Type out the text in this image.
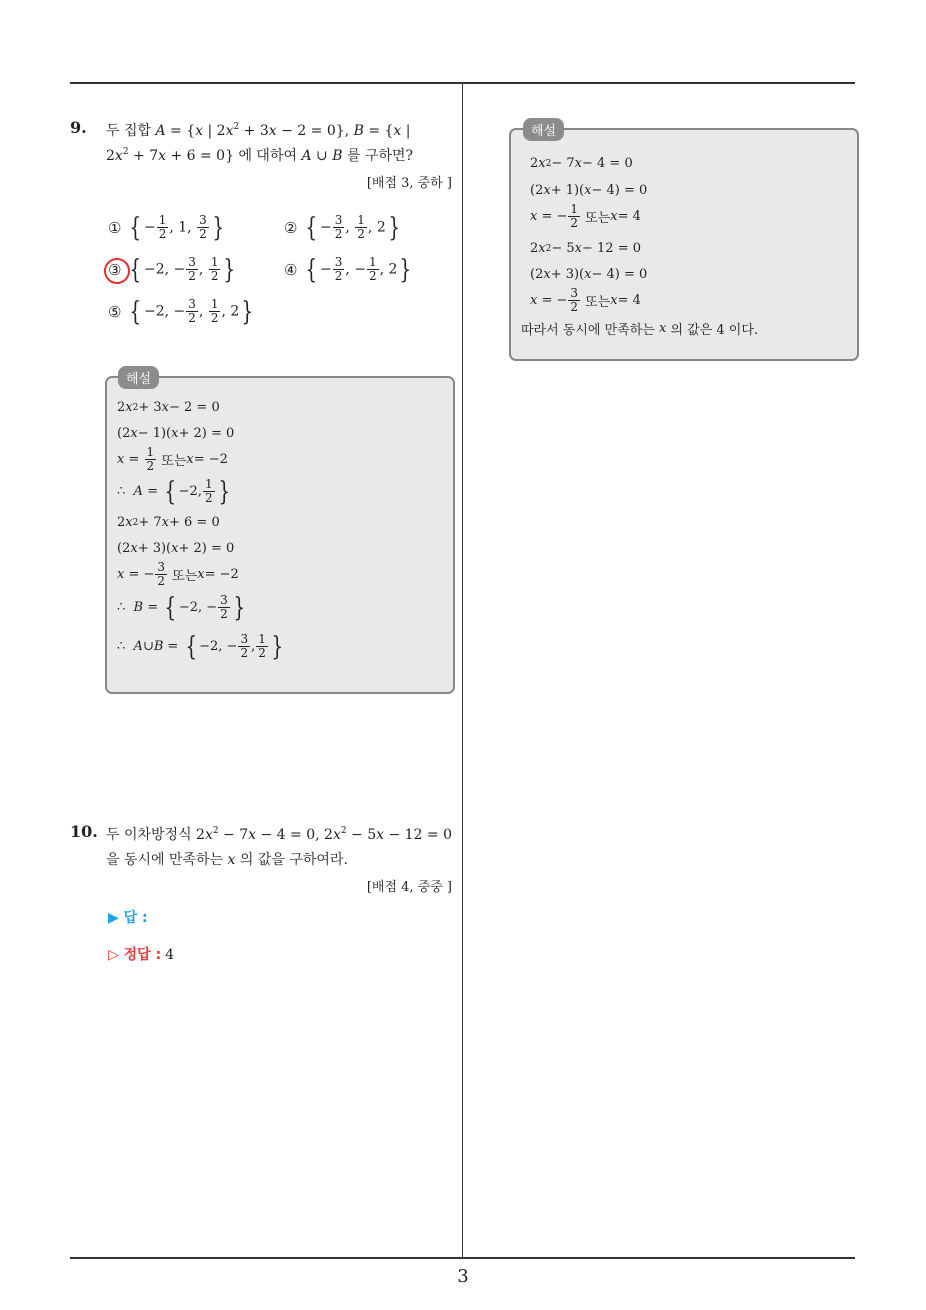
9. 두 집합 A = {x | $2x^2 + 3x - 2 = 0$}, B = {x |
$2x^2 + 7x + 6 = 0$} 에 대하여 A ∪ B 를 구하면?
[배점 3, 중하 ]
① { − $\frac{1}{2}$ , 1, $\frac{3}{2}$ }	② { − $\frac{3}{2}$ , $\frac{1}{2}$ , 2}
③ { −2, − $\frac{3}{2}$ , $\frac{1}{2}$ }	④ { − $\frac{3}{2}$ , − $\frac{1}{2}$ , 2}
⑤ { −2, − $\frac{3}{2}$ , $\frac{1}{2}$ , 2}
해설
2 x 2 + 3 x − 2 = 0
(2 x − 1)( x + 2) = 0
$x = \frac{1}{2}$ 또는 x = −2
∴ A = { −2, $\frac{1}{2}$ }
2 x 2 + 7 x + 6 = 0
(2 x + 3)( x + 2) = 0
x = − $\frac{3}{2}$ 또는 x = −2
∴ B = { −2, − $\frac{3}{2}$ }
∴ A ∪ B = { −2, − $\frac{3}{2}$ , $\frac{1}{2}$ }
10. 두 이차방정식 $2x^2 - 7x - 4 = 0$, $2x^2 - 5x - 12 = 0$
을 동시에 만족하는 x 의 값을 구하여라.
[배점 4, 중중 ]
▶ 답 :
▷ 정답 : 4
해설
2 x 2 − 7 x − 4 = 0
(2 x + 1)( x − 4) = 0
x = − $\frac{1}{2}$ 또는 x = 4
2 x 2 − 5 x − 12 = 0
(2 x + 3)( x − 4) = 0
x = − $\frac{3}{2}$ 또는 x = 4
따라서 동시에 만족하는 x 의 값은 4 이다.
3
